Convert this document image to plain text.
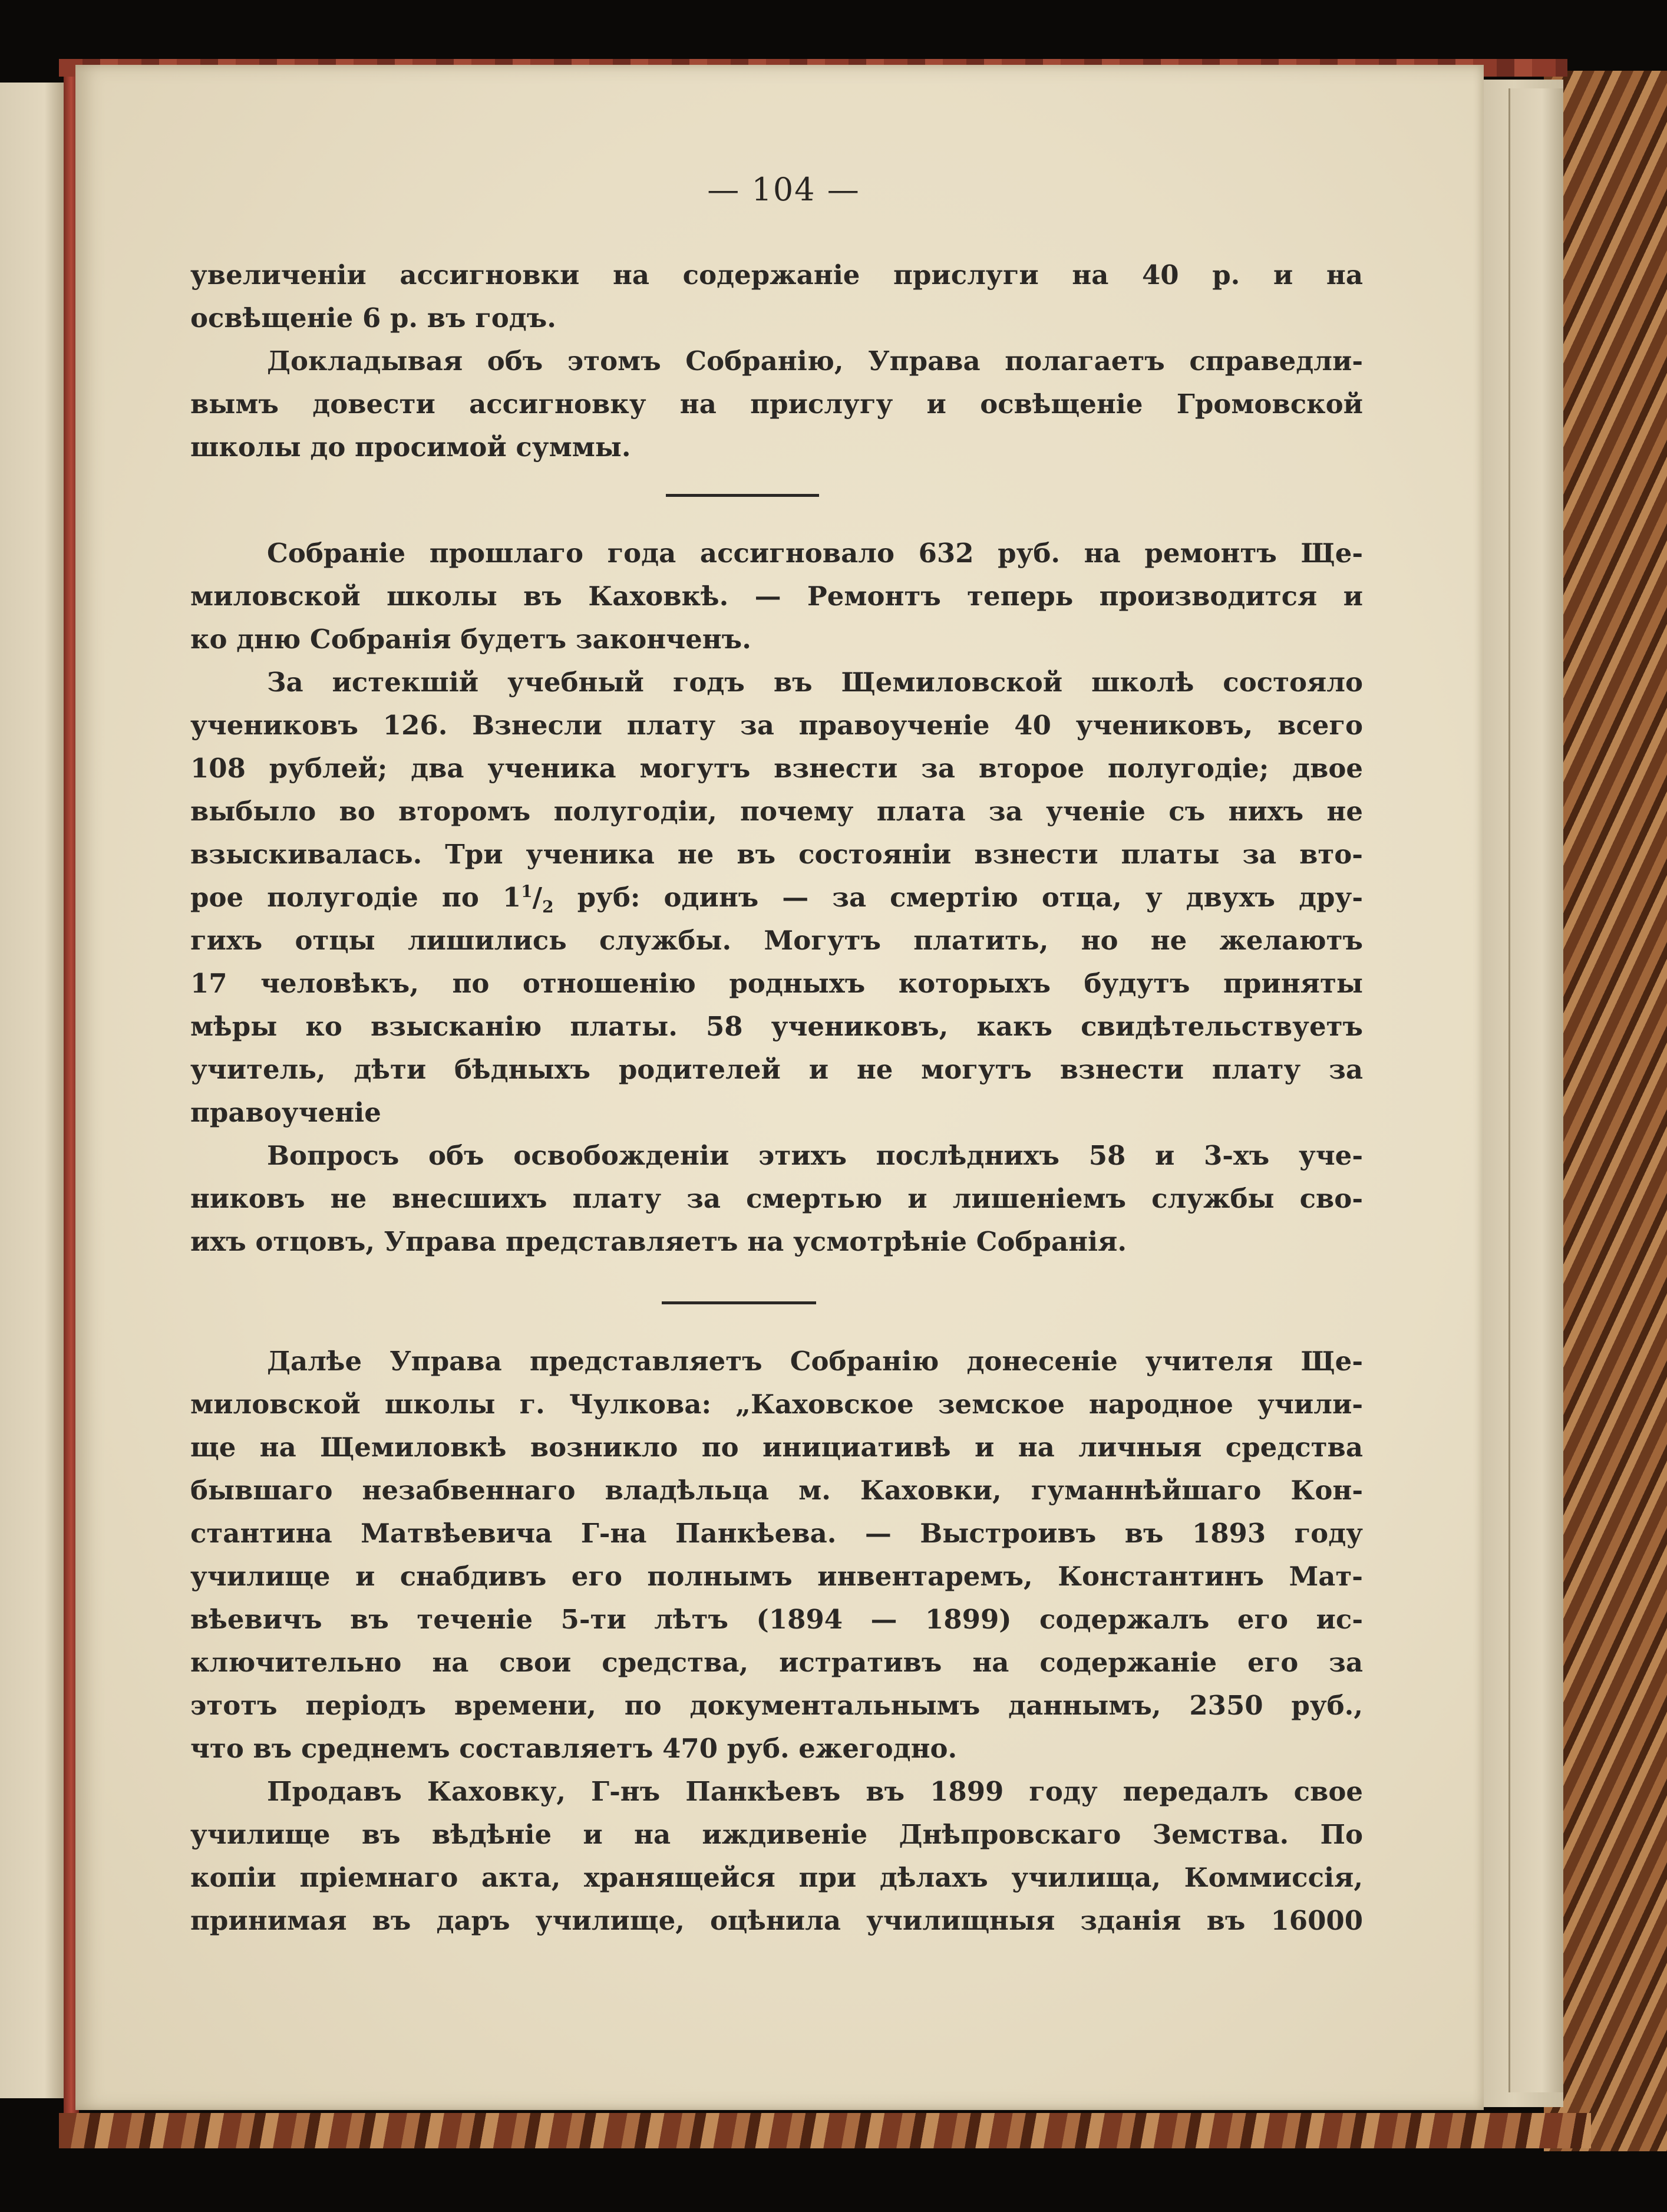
— 104 —

увеличеніи ассигновки на содержаніе прислуги на 40 р. и на

освѣщеніе 6 р. въ годъ.

Докладывая объ этомъ Собранію, Управа полагаетъ справедли-

вымъ довести ассигновку на прислугу и освѣщеніе Громовской

школы до просимой суммы.

Собраніе прошлаго года ассигновало 632 руб. на ремонтъ Ще-

миловской школы въ Каховкѣ. — Ремонтъ теперь производится и

ко дню Собранія будетъ законченъ.

За истекшій учебный годъ въ Щемиловской школѣ состояло

учениковъ 126. Взнесли плату за правоученіе 40 учениковъ, всего

108 рублей; два ученика могутъ взнести за второе полугодіе; двое

выбыло во второмъ полугодіи, почему плата за ученіе съ нихъ не

взыскивалась. Три ученика не въ состояніи взнести платы за вто-

рое полугодіе по $1^1/_2$ руб: одинъ — за смертію отца, у двухъ дру-

гихъ отцы лишились службы. Могутъ платить, но не желаютъ

17 человѣкъ, по отношенію родныхъ которыхъ будутъ приняты

мѣры ко взысканію платы. 58 учениковъ, какъ свидѣтельствуетъ

учитель, дѣти бѣдныхъ родителей и не могутъ взнести плату за

правоученіе

Вопросъ объ освобожденіи этихъ послѣднихъ 58 и 3-хъ уче-

никовъ не внесшихъ плату за смертью и лишеніемъ службы сво-

ихъ отцовъ, Управа представляетъ на усмотрѣніе Собранія.

Далѣе Управа представляетъ Собранію донесеніе учителя Ще-

миловской школы г. Чулкова: „Каховское земское народное учили-

ще на Щемиловкѣ возникло по инициативѣ и на личныя средства

бывшаго незабвеннаго владѣльца м. Каховки, гуманнѣйшаго Кон-

стантина Матвѣевича Г-на Панкѣева. — Выстроивъ въ 1893 году

училище и снабдивъ его полнымъ инвентаремъ, Константинъ Мат-

вѣевичъ въ теченіе 5-ти лѣтъ (1894 — 1899) содержалъ его ис-

ключительно на свои средства, истративъ на содержаніе его за

этотъ періодъ времени, по документальнымъ даннымъ, 2350 руб.,

что въ среднемъ составляетъ 470 руб. ежегодно.

Продавъ Каховку, Г-нъ Панкѣевъ въ 1899 году передалъ свое

училище въ вѣдѣніе и на иждивеніе Днѣпровскаго Земства. По

копіи пріемнаго акта, хранящейся при дѣлахъ училища, Коммиссія,

принимая въ даръ училище, оцѣнила училищныя зданія въ 16000
